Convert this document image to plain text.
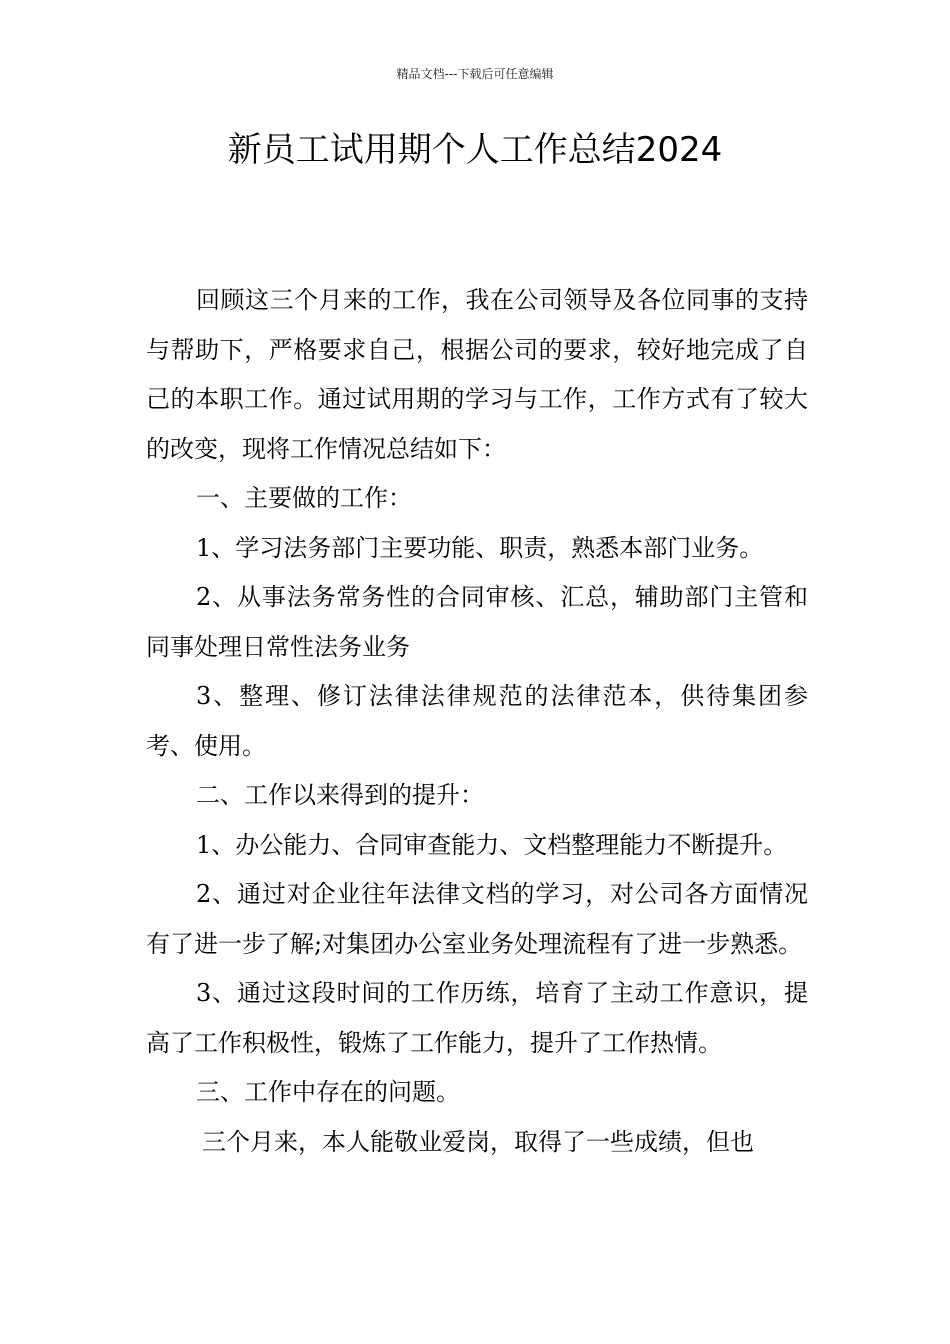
精品文档---下载后可任意编辑
新员工试用期个人工作总结2024

回顾这三个月来的工作，我在公司领导及各位同事的支持与帮助下，严格要求自己，根据公司的要求，较好地完成了自己的本职工作。通过试用期的学习与工作，工作方式有了较大的改变，现将工作情况总结如下：

一、主要做的工作：

1、学习法务部门主要功能、职责，熟悉本部门业务。

2、从事法务常务性的合同审核、汇总，辅助部门主管和同事处理日常性法务业务

3、整理、修订法律法律规范的法律范本，供待集团参考、使用。

二、工作以来得到的提升：

1、办公能力、合同审查能力、文档整理能力不断提升。

2、通过对企业往年法律文档的学习，对公司各方面情况有了进一步了解;对集团办公室业务处理流程有了进一步熟悉。

3、通过这段时间的工作历练，培育了主动工作意识，提高了工作积极性，锻炼了工作能力，提升了工作热情。

三、工作中存在的问题。

三个月来，本人能敬业爱岗，取得了一些成绩，但也
